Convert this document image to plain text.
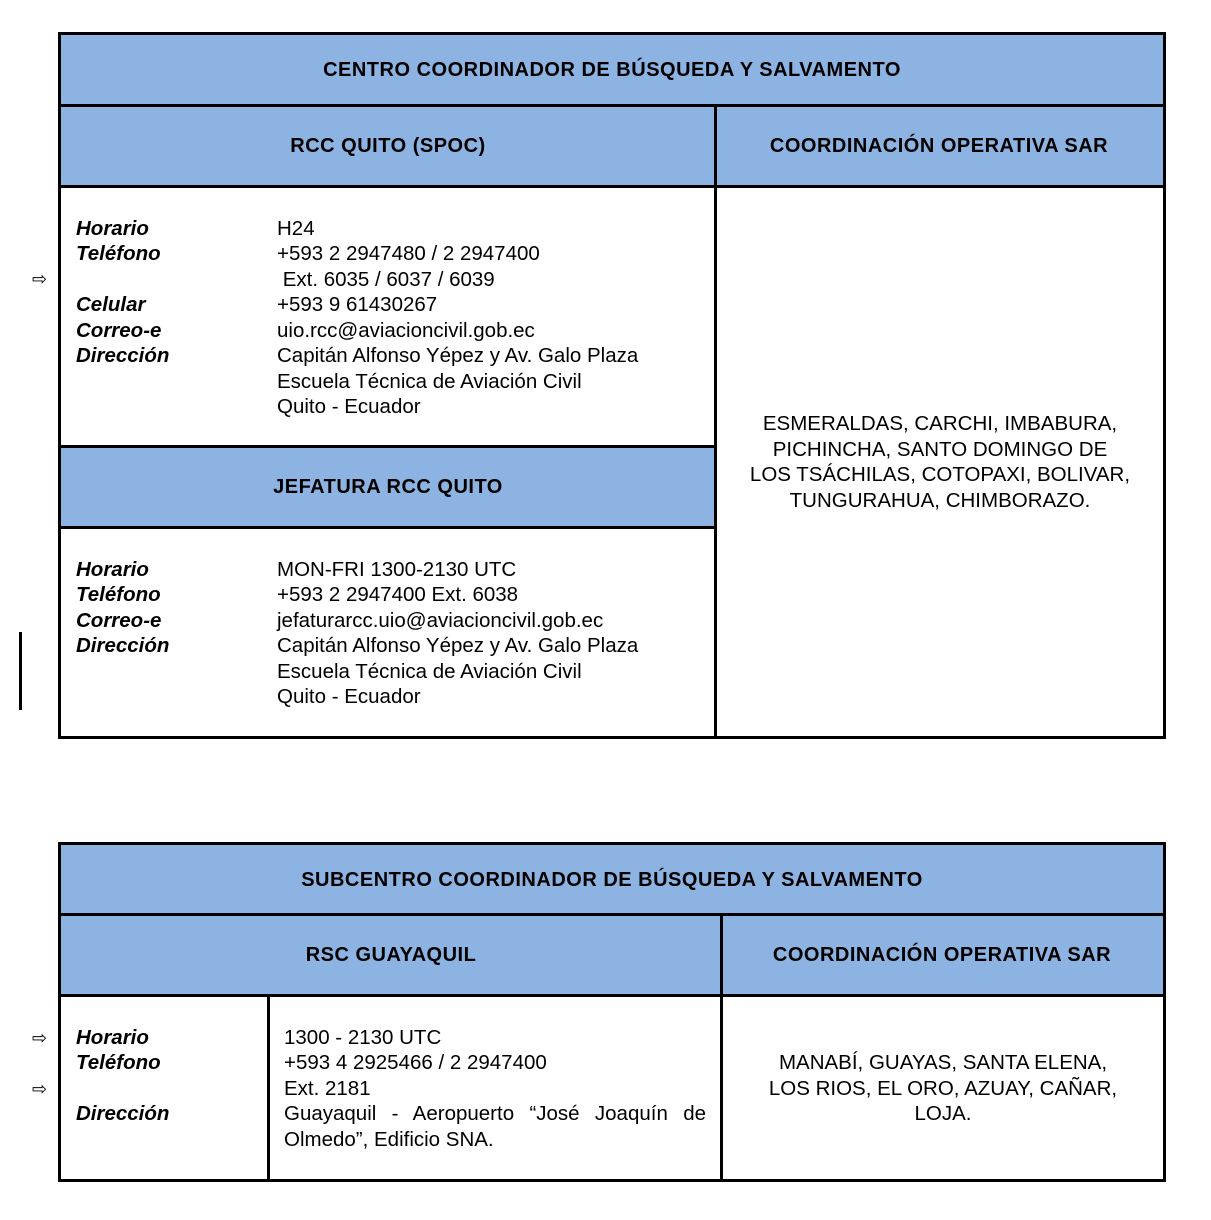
CENTRO COORDINADOR DE BÚSQUEDA Y SALVAMENTO
RCC QUITO (SPOC)	COORDINACIÓN OPERATIVA SAR
JEFATURA RCC QUITO
Horario
Teléfono
Celular
Correo-e
Dirección
H24
+593 2 2947480 / 2 2947400
Ext. 6035 / 6037 / 6039
+593 9 61430267
uio.rcc@aviacioncivil.gob.ec
Capitán Alfonso Yépez y Av. Galo Plaza
Escuela Técnica de Aviación Civil
Quito - Ecuador
Horario
Teléfono
Correo-e
Dirección
MON-FRI 1300-2130 UTC
+593 2 2947400 Ext. 6038
jefaturarcc.uio@aviacioncivil.gob.ec
Capitán Alfonso Yépez y Av. Galo Plaza
Escuela Técnica de Aviación Civil
Quito - Ecuador
ESMERALDAS, CARCHI, IMBABURA,
PICHINCHA, SANTO DOMINGO DE
LOS TSÁCHILAS, COTOPAXI, BOLIVAR,
TUNGURAHUA, CHIMBORAZO.
⇨
SUBCENTRO COORDINADOR DE BÚSQUEDA Y SALVAMENTO
RSC GUAYAQUIL	COORDINACIÓN OPERATIVA SAR
Horario
Teléfono
Dirección
1300 - 2130 UTC
+593 4 2925466 / 2 2947400
Ext. 2181
Guayaquil - Aeropuerto “José Joaquín de Olmedo”, Edificio SNA.
MANABÍ, GUAYAS, SANTA ELENA,
LOS RIOS, EL ORO, AZUAY, CAÑAR,
LOJA.
⇨
⇨
